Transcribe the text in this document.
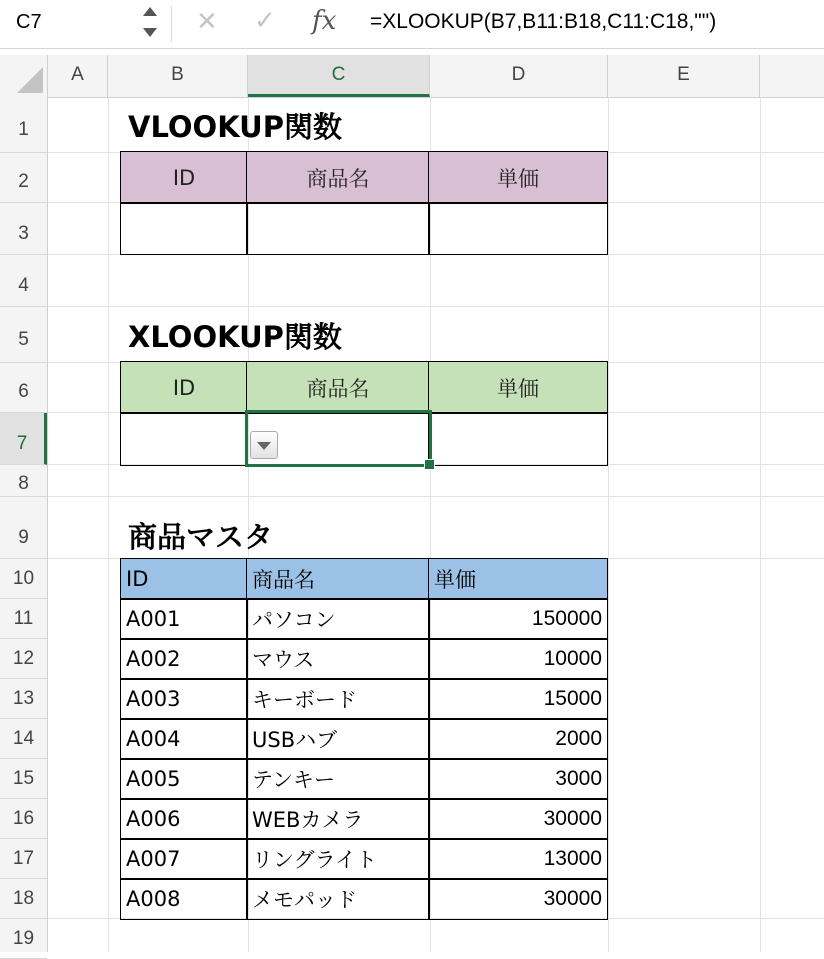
C7	✕ ✓ fx =XLOOKUP(B7,B11:B18,C11:C18,"")
A	B	C	D	E
1
2
3
4
5
6
7
8
9
10
11
12
13
14
15
16
17
18
19
VLOOKUP関数
ID	商品名	単価
XLOOKUP関数
ID	商品名	単価
商品マスタ
ID	商品名	単価
A001	パソコン	150000
A002	マウス	10000
A003	キーボード	15000
A004	USBハブ	2000
A005	テンキー	3000
A006	WEBカメラ	30000
A007	リングライト	13000
A008	メモパッド	30000
